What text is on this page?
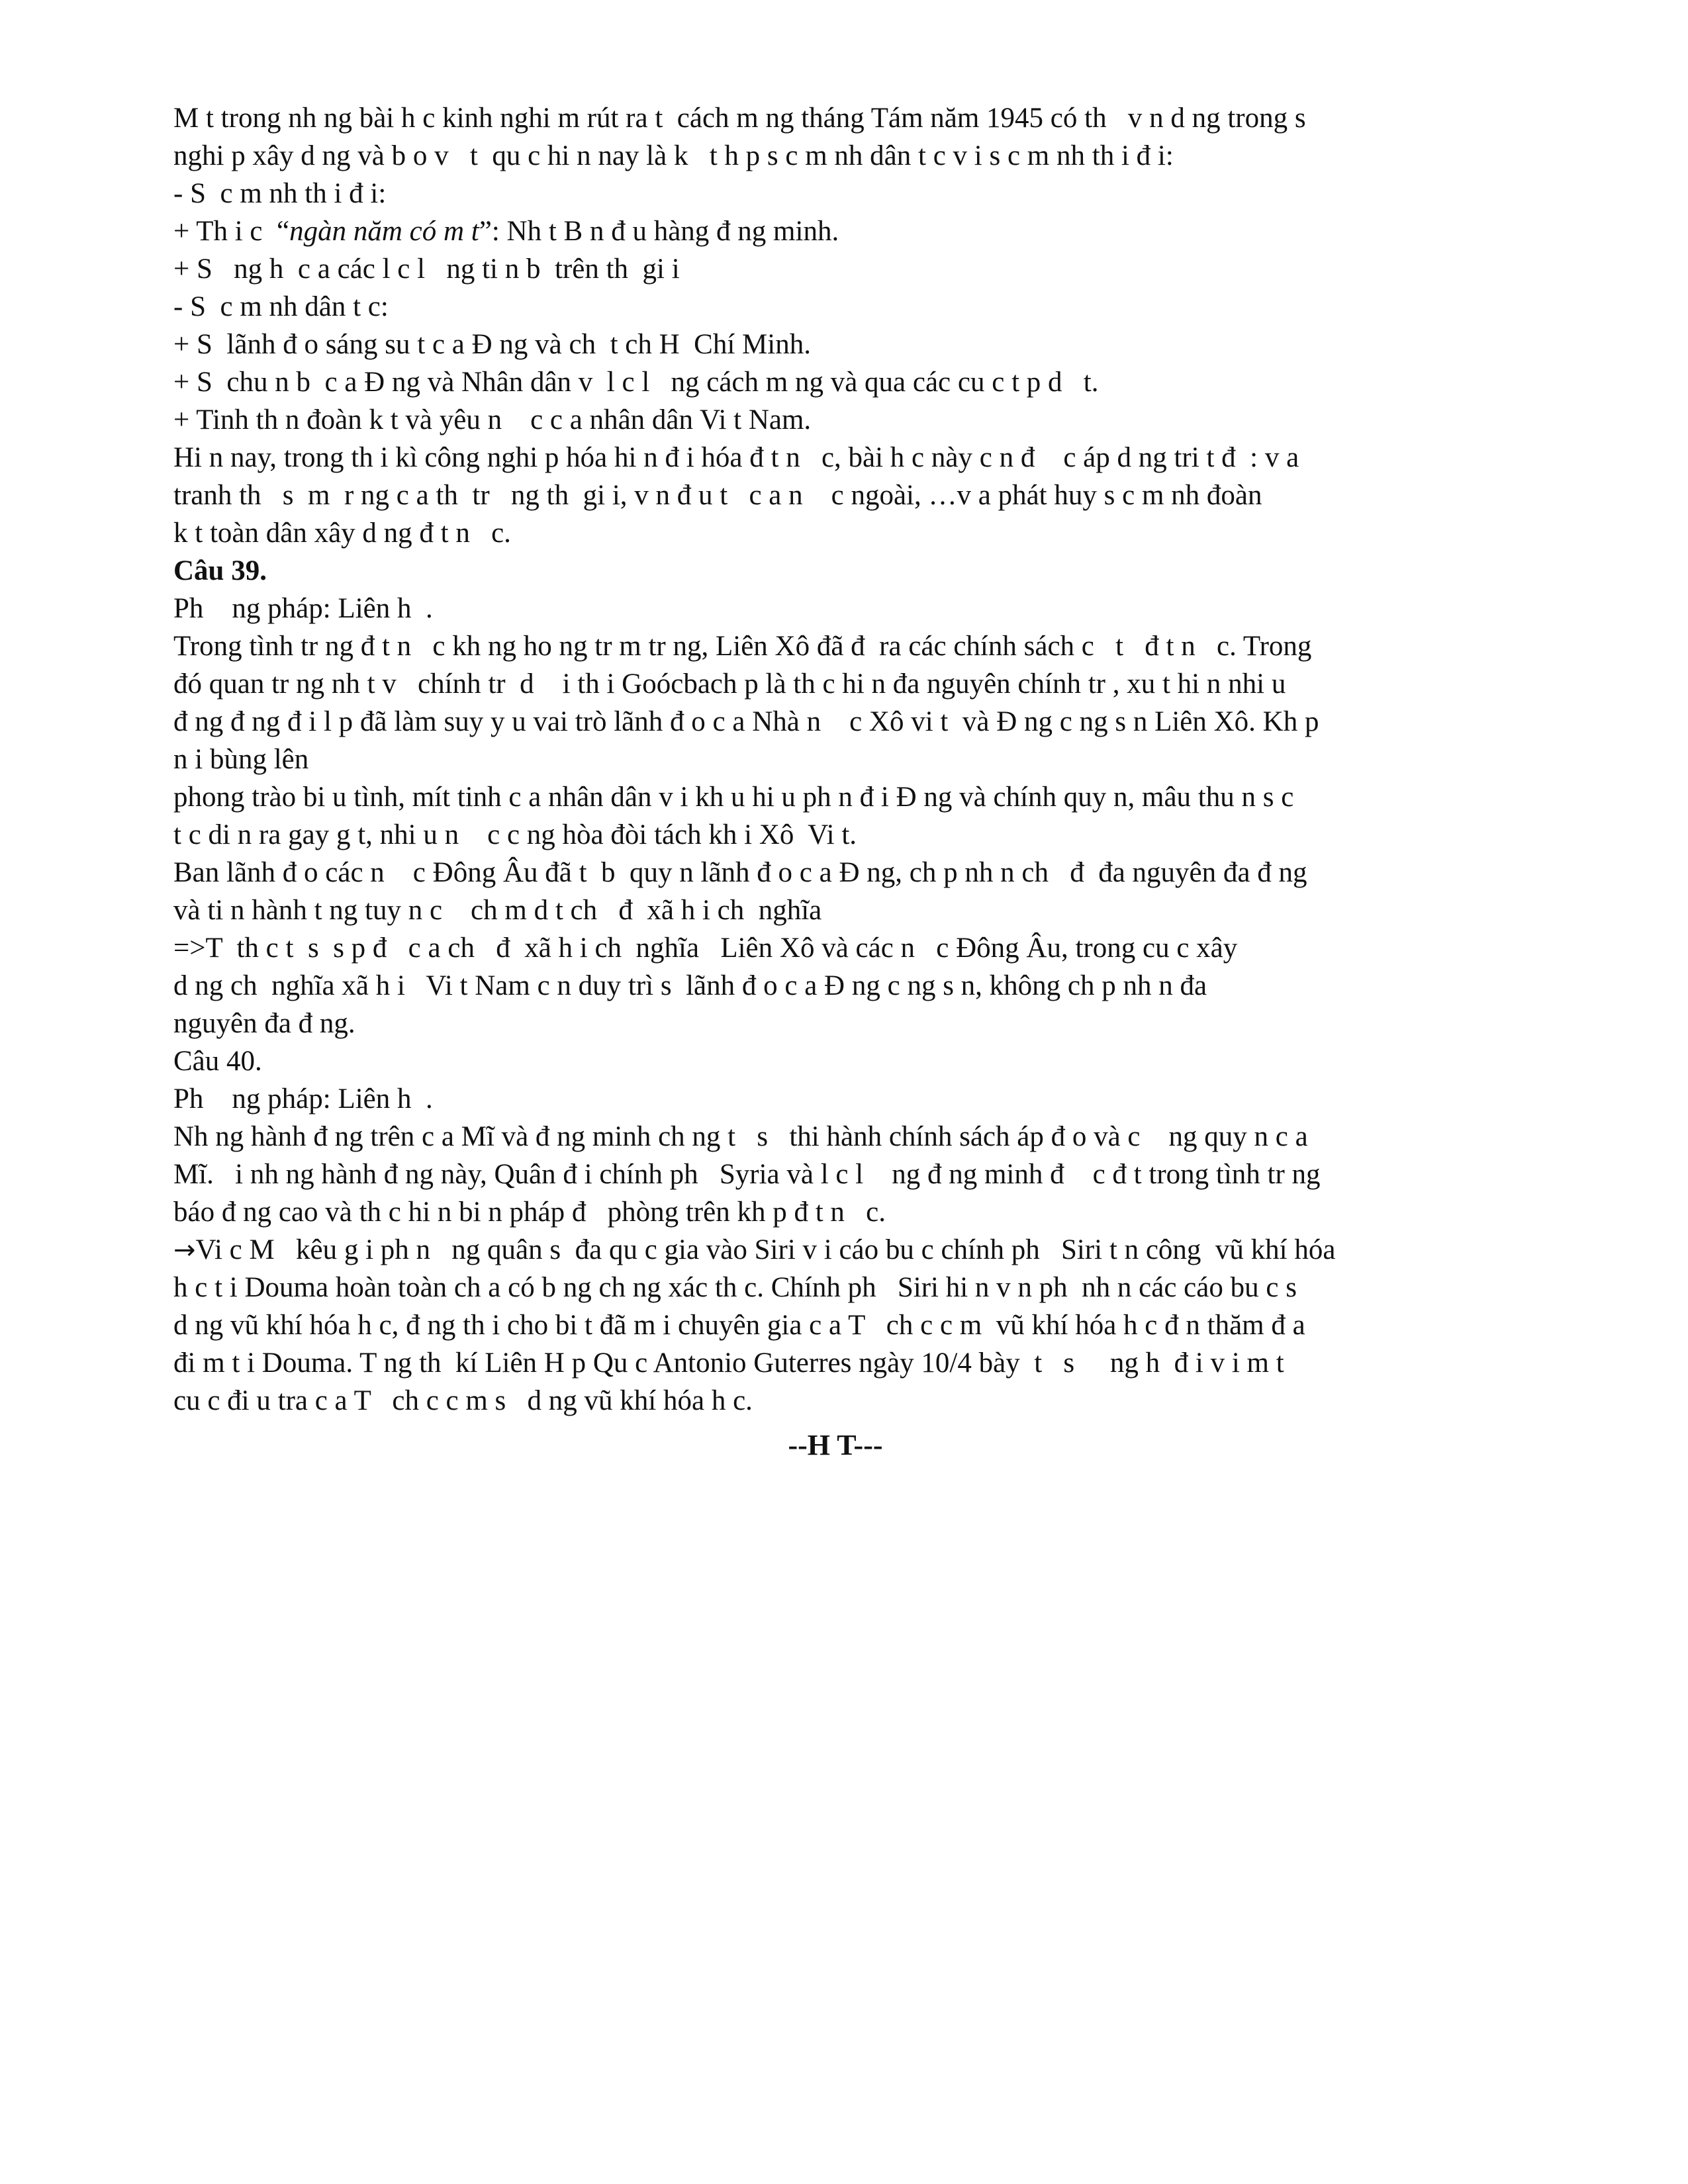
M t trong nh ng bài h c kinh nghi m rút ra t  cách m ng tháng Tám năm 1945 có th   v n d ng trong s
nghi p xây d ng và b o v   t  qu c hi n nay là k   t h p s c m nh dân t c v i s c m nh th i đ i:
- S  c m nh th i đ i:
+ Th i c  “ngàn năm có m t”: Nh t B n đ u hàng đ ng minh.
+ S   ng h  c a các l c l   ng ti n b  trên th  gi i
- S  c m nh dân t c:
+ S  lãnh đ o sáng su t c a Đ ng và ch  t ch H  Chí Minh.
+ S  chu n b  c a Đ ng và Nhân dân v  l c l   ng cách m ng và qua các cu c t p d   t.
+ Tinh th n đoàn k t và yêu n    c c a nhân dân Vi t Nam.
Hi n nay, trong th i kì công nghi p hóa hi n đ i hóa đ t n   c, bài h c này c n đ    c áp d ng tri t đ  : v a
tranh th   s  m  r ng c a th  tr   ng th  gi i, v n đ u t   c a n    c ngoài, …v a phát huy s c m nh đoàn
k t toàn dân xây d ng đ t n   c.
Câu 39.
Ph    ng pháp: Liên h  .
Trong tình tr ng đ t n   c kh ng ho ng tr m tr ng, Liên Xô đã đ  ra các chính sách c   t   đ t n   c. Trong
đó quan tr ng nh t v   chính tr  d    i th i Goócbach p là th c hi n đa nguyên chính tr , xu t hi n nhi u
đ ng đ ng đ i l p đã làm suy y u vai trò lãnh đ o c a Nhà n    c Xô vi t  và Đ ng c ng s n Liên Xô. Kh p
n i bùng lên
phong trào bi u tình, mít tinh c a nhân dân v i kh u hi u ph n đ i Đ ng và chính quy n, mâu thu n s c
t c di n ra gay g t, nhi u n    c c ng hòa đòi tách kh i Xô  Vi t.
Ban lãnh đ o các n    c Đông Âu đã t  b  quy n lãnh đ o c a Đ ng, ch p nh n ch   đ  đa nguyên đa đ ng
và ti n hành t ng tuy n c    ch m d t ch   đ  xã h i ch  nghĩa
=>T  th c t  s  s p đ   c a ch   đ  xã h i ch  nghĩa   Liên Xô và các n   c Đông Âu, trong cu c xây
d ng ch  nghĩa xã h i   Vi t Nam c n duy trì s  lãnh đ o c a Đ ng c ng s n, không ch p nh n đa
nguyên đa đ ng.
Câu 40.
Ph    ng pháp: Liên h  .
Nh ng hành đ ng trên c a Mĩ và đ ng minh ch ng t   s   thi hành chính sách áp đ o và c    ng quy n c a
Mĩ.   i nh ng hành đ ng này, Quân đ i chính ph   Syria và l c l    ng đ ng minh đ    c đ t trong tình tr ng
báo đ ng cao và th c hi n bi n pháp đ   phòng trên kh p đ t n   c.
→Vi c M   kêu g i ph n   ng quân s  đa qu c gia vào Siri v i cáo bu c chính ph   Siri t n công  vũ khí hóa
h c t i Douma hoàn toàn ch a có b ng ch ng xác th c. Chính ph   Siri hi n v n ph  nh n các cáo bu c s
d ng vũ khí hóa h c, đ ng th i cho bi t đã m i chuyên gia c a T   ch c c m  vũ khí hóa h c đ n thăm đ a
đi m t i Douma. T ng th  kí Liên H p Qu c Antonio Guterres ngày 10/4 bày  t   s     ng h  đ i v i m t
cu c đi u tra c a T   ch c c m s   d ng vũ khí hóa h c.
--H T---
